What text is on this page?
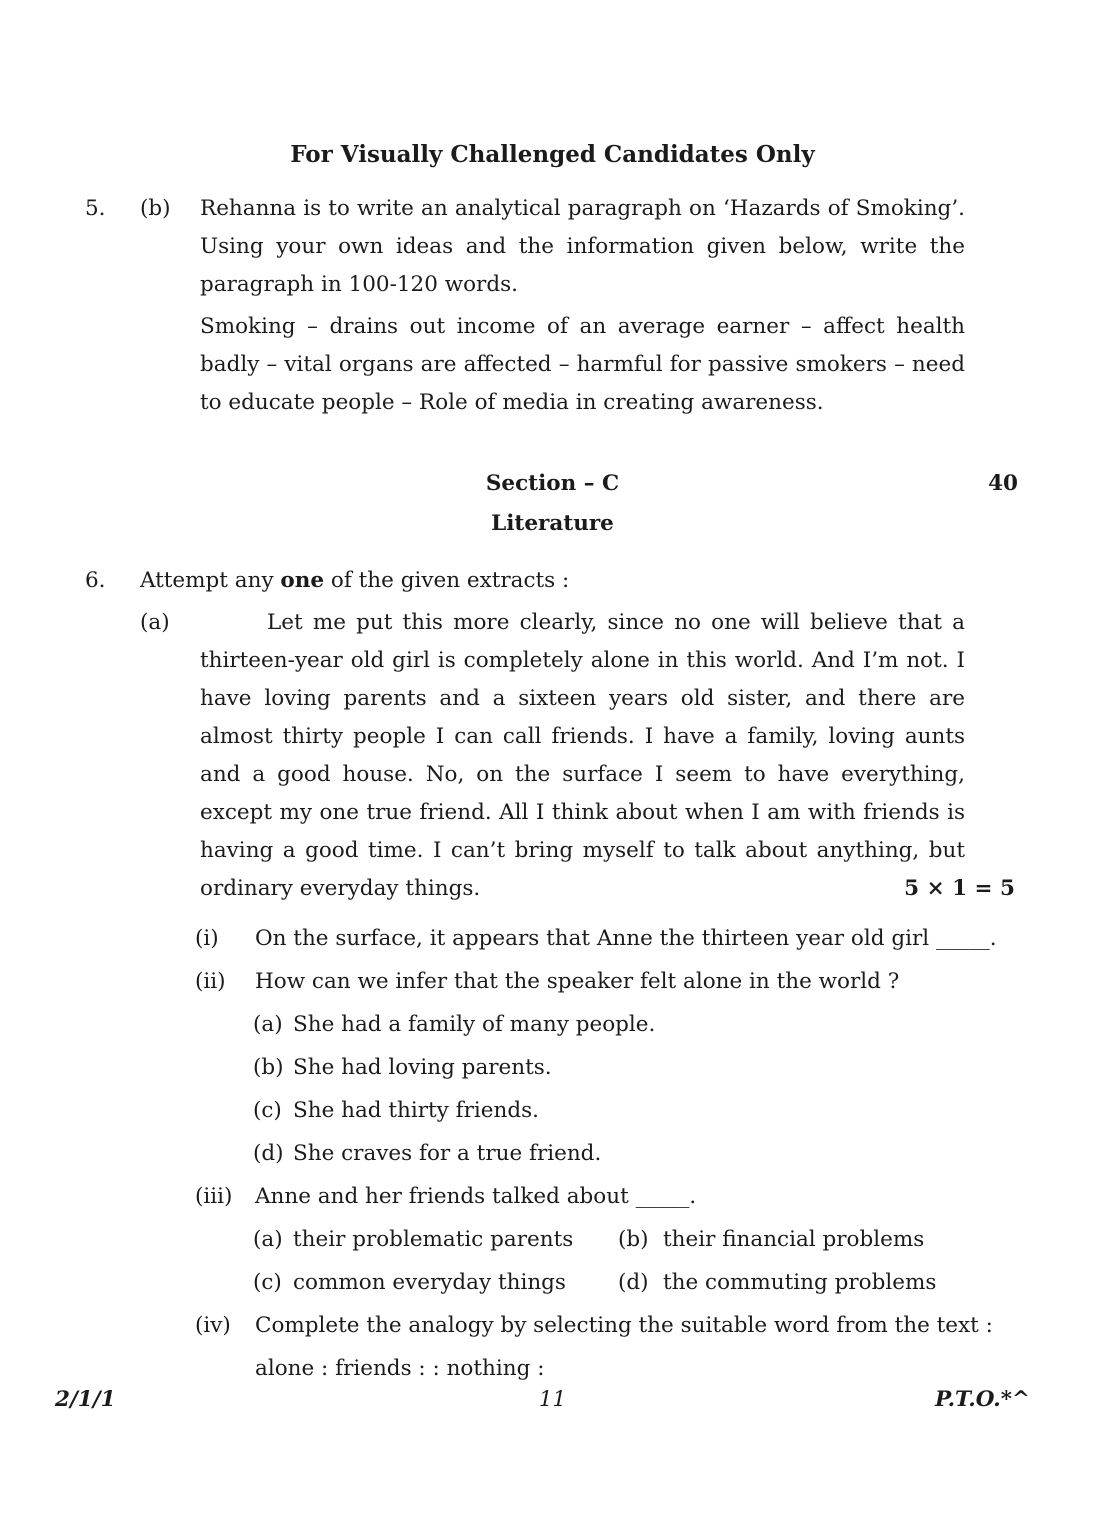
For Visually Challenged Candidates Only
5.	(b)	Rehanna is to write an analytical paragraph on ‘Hazards of Smoking’. Using your own ideas and the information given below, write the paragraph in 100-120 words.
Smoking – drains out income of an average earner – affect health badly – vital organs are affected – harmful for passive smokers – need to educate people – Role of media in creating awareness.
Section – C	40
Literature
6.	Attempt any one of the given extracts :
(a)	Let me put this more clearly, since no one will believe that a thirteen-year old girl is completely alone in this world. And I’m not. I have loving parents and a sixteen years old sister, and there are almost thirty people I can call friends. I have a family, loving aunts and a good house. No, on the surface I seem to have everything, except my one true friend. All I think about when I am with friends is having a good time. I can’t bring myself to talk about anything, but ordinary everyday things.	5 × 1 = 5
(i)	On the surface, it appears that Anne the thirteen year old girl _____.
(ii)	How can we infer that the speaker felt alone in the world ?
(a) She had a family of many people.
(b) She had loving parents.
(c) She had thirty friends.
(d) She craves for a true friend.
(iii)	Anne and her friends talked about _____.
(a) their problematic parents	(b) their financial problems
(c) common everyday things	(d) the commuting problems
(iv)	Complete the analogy by selecting the suitable word from the text :
alone : friends : : nothing :
2/1/1	11	P.T.O.*^
